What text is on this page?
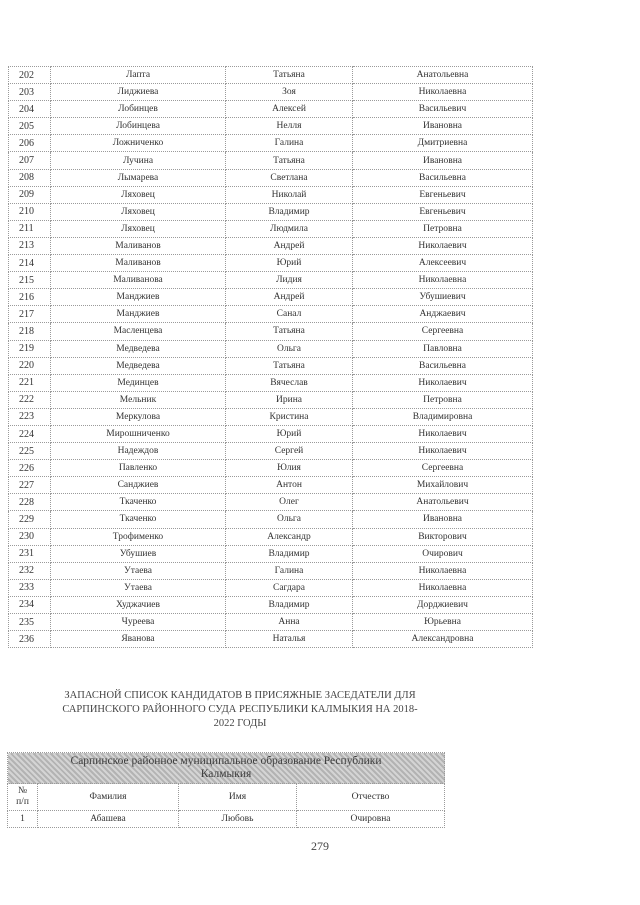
202	Лапта	Татьяна	Анатольевна
203	Лиджиева	Зоя	Николаевна
204	Лобинцев	Алексей	Васильевич
205	Лобинцева	Нелля	Ивановна
206	Ложниченко	Галина	Дмитриевна
207	Лучина	Татьяна	Ивановна
208	Лымарева	Светлана	Васильевна
209	Ляховец	Николай	Евгеньевич
210	Ляховец	Владимир	Евгеньевич
211	Ляховец	Людмила	Петровна
213	Маливанов	Андрей	Николаевич
214	Маливанов	Юрий	Алексеевич
215	Маливанова	Лидия	Николаевна
216	Манджиев	Андрей	Убушиевич
217	Манджиев	Санал	Анджаевич
218	Масленцева	Татьяна	Сергеевна
219	Медведева	Ольга	Павловна
220	Медведева	Татьяна	Васильевна
221	Мединцев	Вячеслав	Николаевич
222	Мельник	Ирина	Петровна
223	Меркулова	Кристина	Владимировна
224	Мирошниченко	Юрий	Николаевич
225	Надеждов	Сергей	Николаевич
226	Павленко	Юлия	Сергеевна
227	Санджиев	Антон	Михайлович
228	Ткаченко	Олег	Анатольевич
229	Ткаченко	Ольга	Ивановна
230	Трофименко	Александр	Викторович
231	Убушиев	Владимир	Очирович
232	Утаева	Галина	Николаевна
233	Утаева	Сагдара	Николаевна
234	Худжачиев	Владимир	Дорджиевич
235	Чуреева	Анна	Юрьевна
236	Яванова	Наталья	Александровна
ЗАПАСНОЙ СПИСОК КАНДИДАТОВ В ПРИСЯЖНЫЕ ЗАСЕДАТЕЛИ ДЛЯ
САРПИНСКОГО РАЙОННОГО СУДА РЕСПУБЛИКИ КАЛМЫКИЯ НА 2018-
2022 ГОДЫ
Сарпинское районное муниципальное образование Республики
Калмыкия			

№
п/п	Фамилия	Имя	Отчество
1	Абашева	Любовь	Очировна
279
